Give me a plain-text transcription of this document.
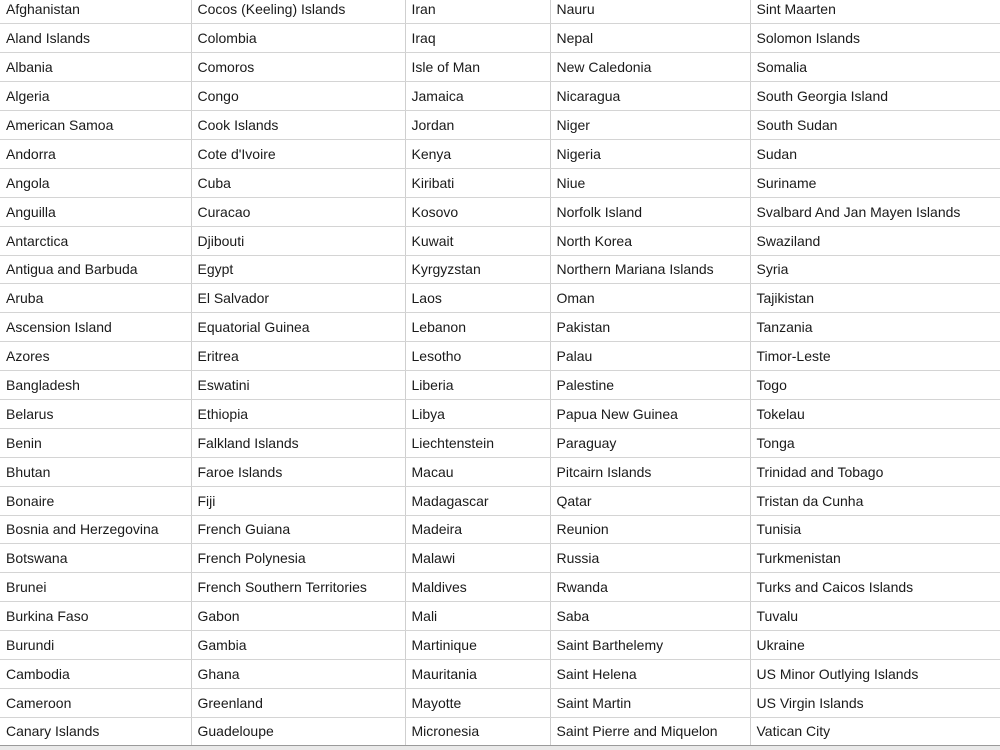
Afghanistan	Cocos (Keeling) Islands	Iran	Nauru	Sint Maarten
Aland Islands	Colombia	Iraq	Nepal	Solomon Islands
Albania	Comoros	Isle of Man	New Caledonia	Somalia
Algeria	Congo	Jamaica	Nicaragua	South Georgia Island
American Samoa	Cook Islands	Jordan	Niger	South Sudan
Andorra	Cote d'Ivoire	Kenya	Nigeria	Sudan
Angola	Cuba	Kiribati	Niue	Suriname
Anguilla	Curacao	Kosovo	Norfolk Island	Svalbard And Jan Mayen Islands
Antarctica	Djibouti	Kuwait	North Korea	Swaziland
Antigua and Barbuda	Egypt	Kyrgyzstan	Northern Mariana Islands	Syria
Aruba	El Salvador	Laos	Oman	Tajikistan
Ascension Island	Equatorial Guinea	Lebanon	Pakistan	Tanzania
Azores	Eritrea	Lesotho	Palau	Timor-Leste
Bangladesh	Eswatini	Liberia	Palestine	Togo
Belarus	Ethiopia	Libya	Papua New Guinea	Tokelau
Benin	Falkland Islands	Liechtenstein	Paraguay	Tonga
Bhutan	Faroe Islands	Macau	Pitcairn Islands	Trinidad and Tobago
Bonaire	Fiji	Madagascar	Qatar	Tristan da Cunha
Bosnia and Herzegovina	French Guiana	Madeira	Reunion	Tunisia
Botswana	French Polynesia	Malawi	Russia	Turkmenistan
Brunei	French Southern Territories	Maldives	Rwanda	Turks and Caicos Islands
Burkina Faso	Gabon	Mali	Saba	Tuvalu
Burundi	Gambia	Martinique	Saint Barthelemy	Ukraine
Cambodia	Ghana	Mauritania	Saint Helena	US Minor Outlying Islands
Cameroon	Greenland	Mayotte	Saint Martin	US Virgin Islands
Canary Islands	Guadeloupe	Micronesia	Saint Pierre and Miquelon	Vatican City
